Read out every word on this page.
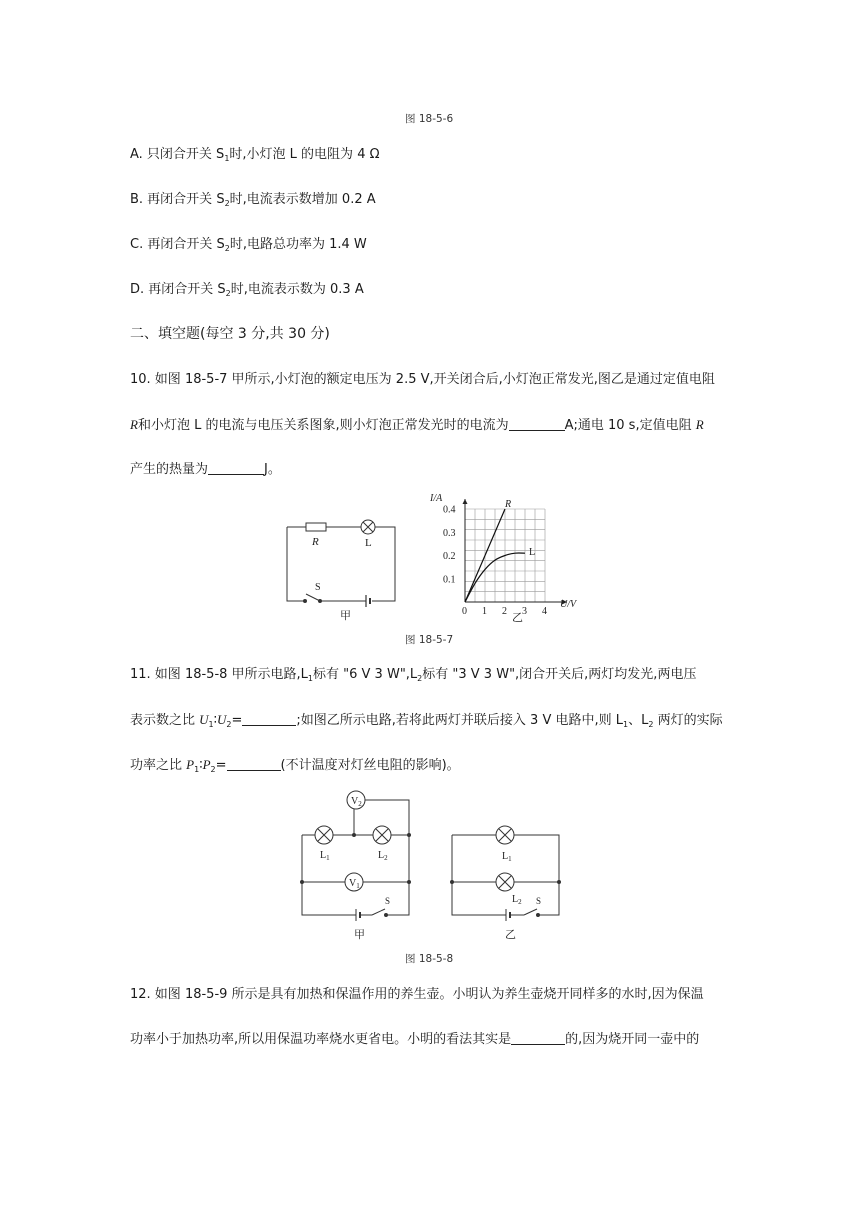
图 18-5-6
A. 只闭合开关 $S_1$时,小灯泡 L 的电阻为 4 Ω
B. 再闭合开关 $S_2$时,电流表示数增加 0.2 A
C. 再闭合开关 $S_2$时,电路总功率为 1.4 W
D. 再闭合开关 $S_2$时,电流表示数为 0.3 A
二、填空题(每空 3 分,共 30 分)
10. 如图 18-5-7 甲所示,小灯泡的额定电压为 2.5 V,开关闭合后,小灯泡正常发光,图乙是通过定值电阻
R和小灯泡 L 的电流与电压关系图象,则小灯泡正常发光时的电流为	A;通电 10 s,定值电阻 R
产生的热量为	J。
R	L
S
甲
R
L
0 1 2 3 4
0.1
0.2
0.3
0.4
I/A
U/V
乙
图 18-5-7
11. 如图 18-5-8 甲所示电路$,L_1$标有 "6 V 3 $W",L_2$标有 "3 V 3 W",闭合开关后,两灯均发光,两电压
表示数之比 $U_1∶U_2=$	;如图乙所示电路,若将此两灯并联后接入 3 V 电路中,则 $L_1$、$L_2$ 两灯的实际
功率之比 $P_1∶P_2=$	(不计温度对灯丝电阻的影响)。
$V_2$
$V_1$
$L_1$	$L_2$
S
甲
$L_1$
$L_2$ S
乙
图 18-5-8
12. 如图 18-5-9 所示是具有加热和保温作用的养生壶。小明认为养生壶烧开同样多的水时,因为保温
功率小于加热功率,所以用保温功率烧水更省电。小明的看法其实是	的,因为烧开同一壶中的
